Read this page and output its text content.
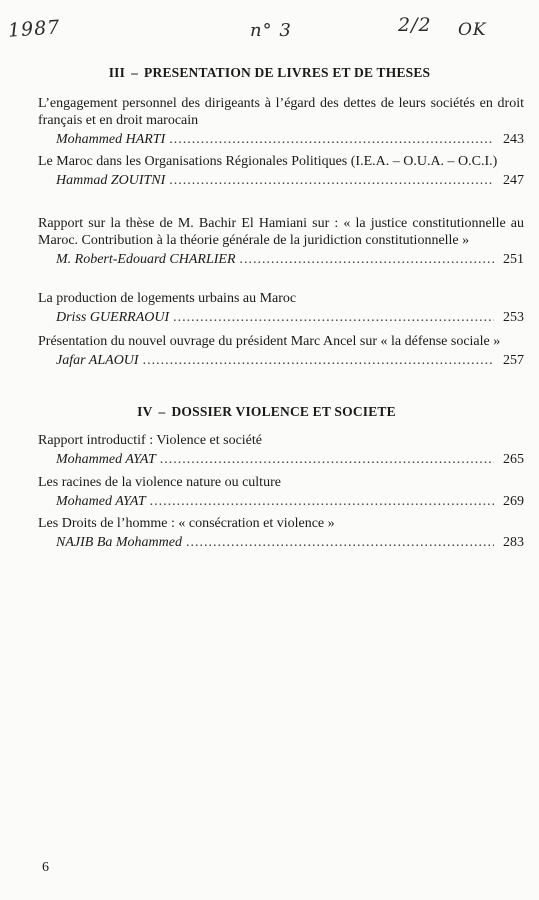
1987	n° 3	2/2 OK
III – PRESENTATION DE LIVRES ET DE THESES
L’engagement personnel des dirigeants à l’égard des dettes de leurs sociétés en droit français et en droit marocain
Mohammed HARTI .....	243
Le Maroc dans les Organisations Régionales Politiques (I.E.A. – O.U.A. – O.C.I.)
Hammad ZOUITNI .....	247
Rapport sur la thèse de M. Bachir El Hamiani sur : « la justice constitutionnelle au Maroc. Contribution à la théorie générale de la juridiction constitutionnelle »
M. Robert-Edouard CHARLIER .....	251
La production de logements urbains au Maroc
Driss GUERRAOUI .....	253
Présentation du nouvel ouvrage du président Marc Ancel sur « la défense sociale »
Jafar ALAOUI .....	257
IV – DOSSIER VIOLENCE ET SOCIETE
Rapport introductif : Violence et société
Mohammed AYAT .....	265
Les racines de la violence nature ou culture
Mohamed AYAT .....	269
Les Droits de l’homme : « consécration et violence »
NAJIB Ba Mohammed .....	283
6
